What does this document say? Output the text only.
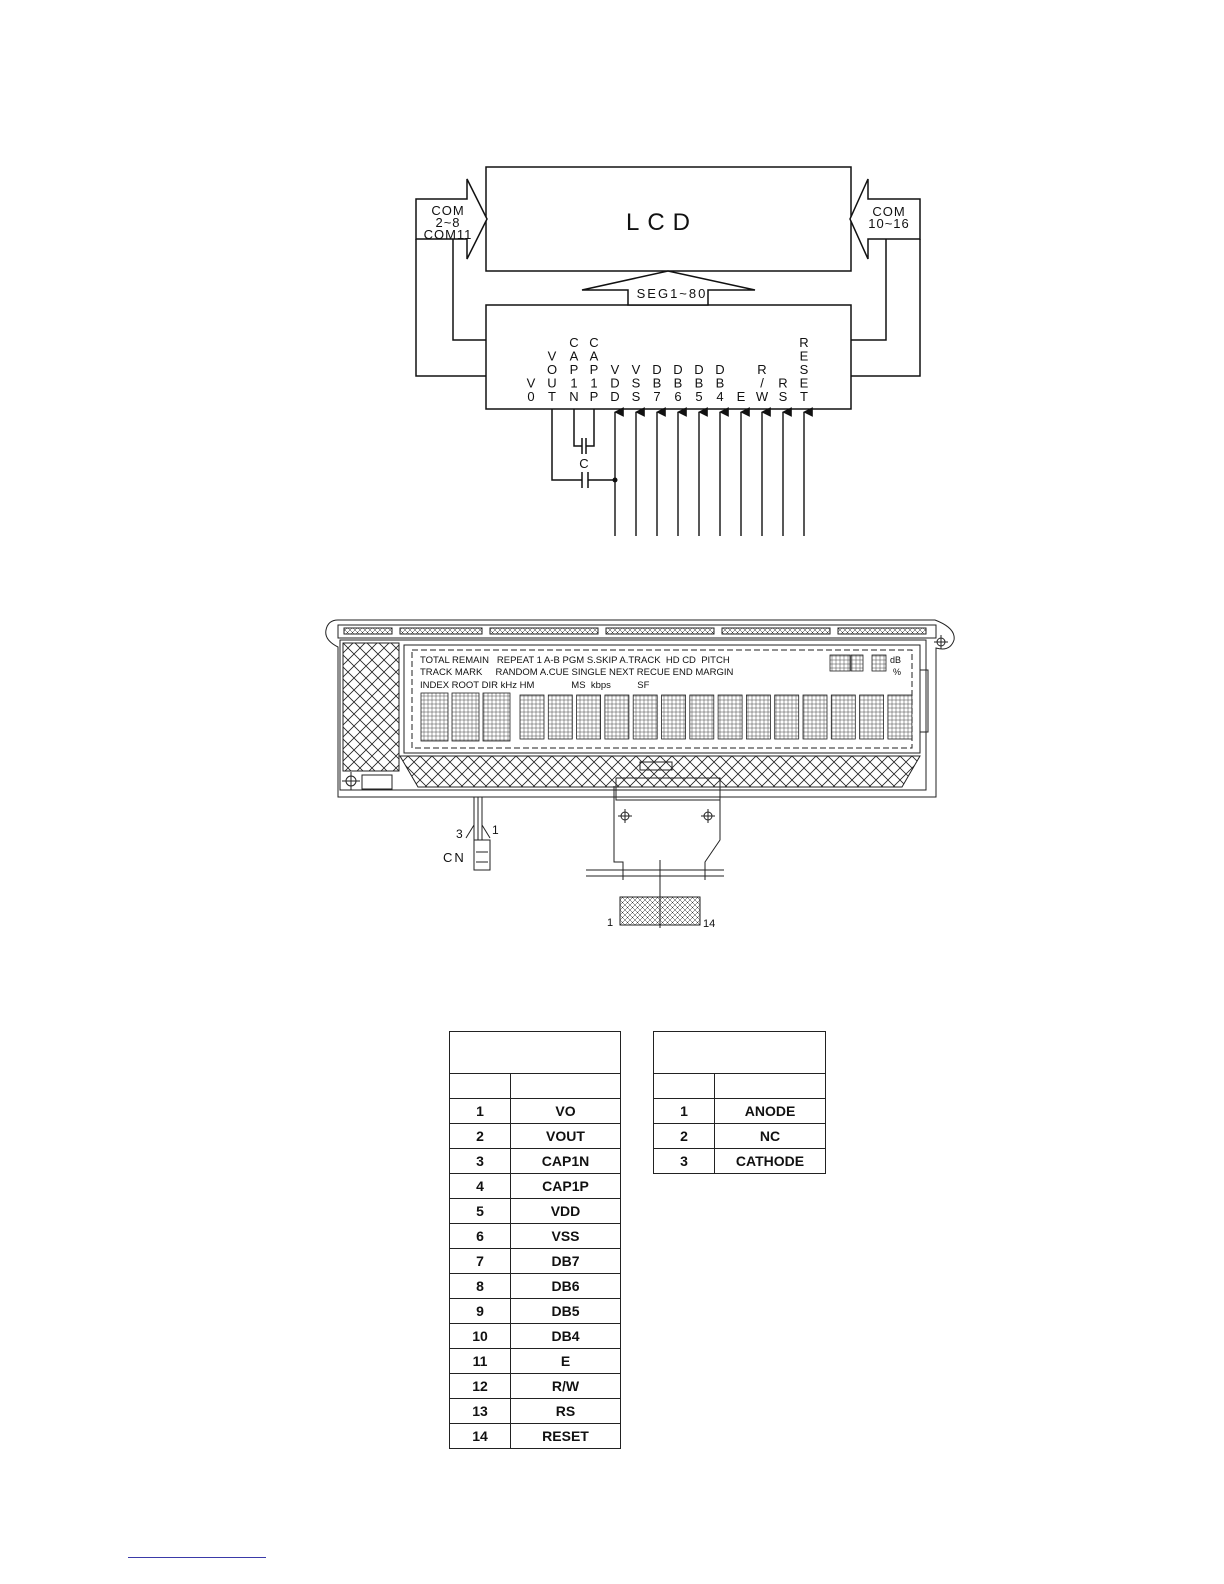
LCD
SEG1~80
C
COM
2~8
COM11
COM
10~16
V
0
V
O
U
T
C
A
P
1
N
C
A
P
1
P
V
D
D
V
S
S
D
B
7
D
B
6
D
B
5
D
B
4 E
R
/
W
R
S
R
E
S
E
T
TOTAL REMAIN   REPEAT 1 A-B PGM S.SKIP A.TRACK  HD CD  PITCH
TRACK MARK     RANDOM A.CUE SINGLE NEXT RECUE END MARGIN
INDEX ROOT DIR kHz HM              MS  kbps          SF
dB
%
CN
3 1
1	14

1	VO
2	VOUT
3	CAP1N
4	CAP1P
5	VDD
6	VSS
7	DB7
8	DB6
9	DB5
10	DB4
11	E
12	R/W
13	RS
14	RESET

1	ANODE
2	NC
3	CATHODE
